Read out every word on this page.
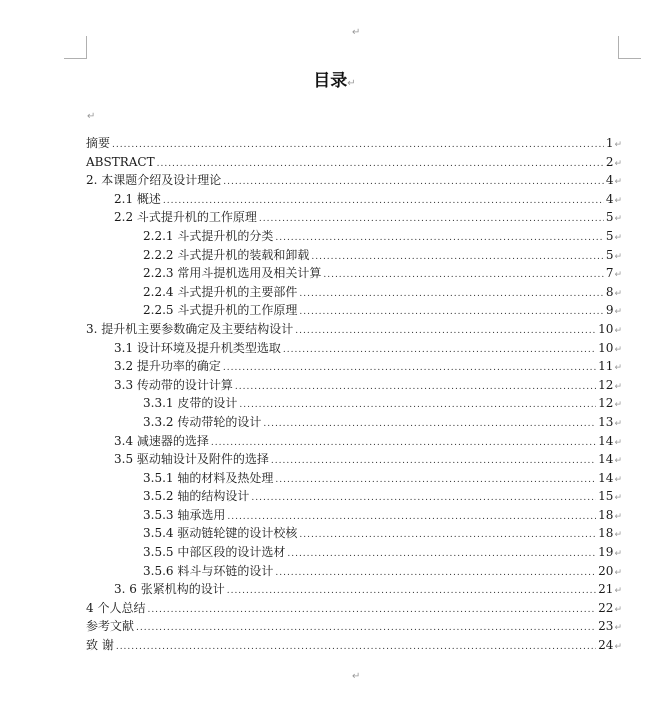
↵
目录↵
↵
摘要 .....	1 ↵
ABSTRACT .....	2 ↵
2. 本课题介绍及设计理论 .....	4 ↵
2.1 概述 .....	4 ↵
2.2 斗式提升机的工作原理 .....	5 ↵
2.2.1 斗式提升机的分类 .....	5 ↵
2.2.2 斗式提升机的装载和卸载 .....	5 ↵
2.2.3 常用斗提机选用及相关计算 .....	7 ↵
2.2.4 斗式提升机的主要部件 .....	8 ↵
2.2.5 斗式提升机的工作原理 .....	9 ↵
3. 提升机主要参数确定及主要结构设计 .....	10 ↵
3.1 设计环境及提升机类型选取 .....	10 ↵
3.2 提升功率的确定 .....	11 ↵
3.3 传动带的设计计算 .....	12 ↵
3.3.1 皮带的设计 .....	12 ↵
3.3.2 传动带轮的设计 .....	13 ↵
3.4 减速器的选择 .....	14 ↵
3.5 驱动轴设计及附件的选择 .....	14 ↵
3.5.1 轴的材料及热处理 .....	14 ↵
3.5.2 轴的结构设计 .....	15 ↵
3.5.3 轴承选用 .....	18 ↵
3.5.4 驱动链轮键的设计校核 .....	18 ↵
3.5.5 中部区段的设计选材 .....	19 ↵
3.5.6 料斗与环链的设计 .....	20 ↵
3. 6 张紧机构的设计 .....	21 ↵
4 个人总结 .....	22 ↵
参考文献 .....	23 ↵
致 谢 .....	24 ↵
↵
